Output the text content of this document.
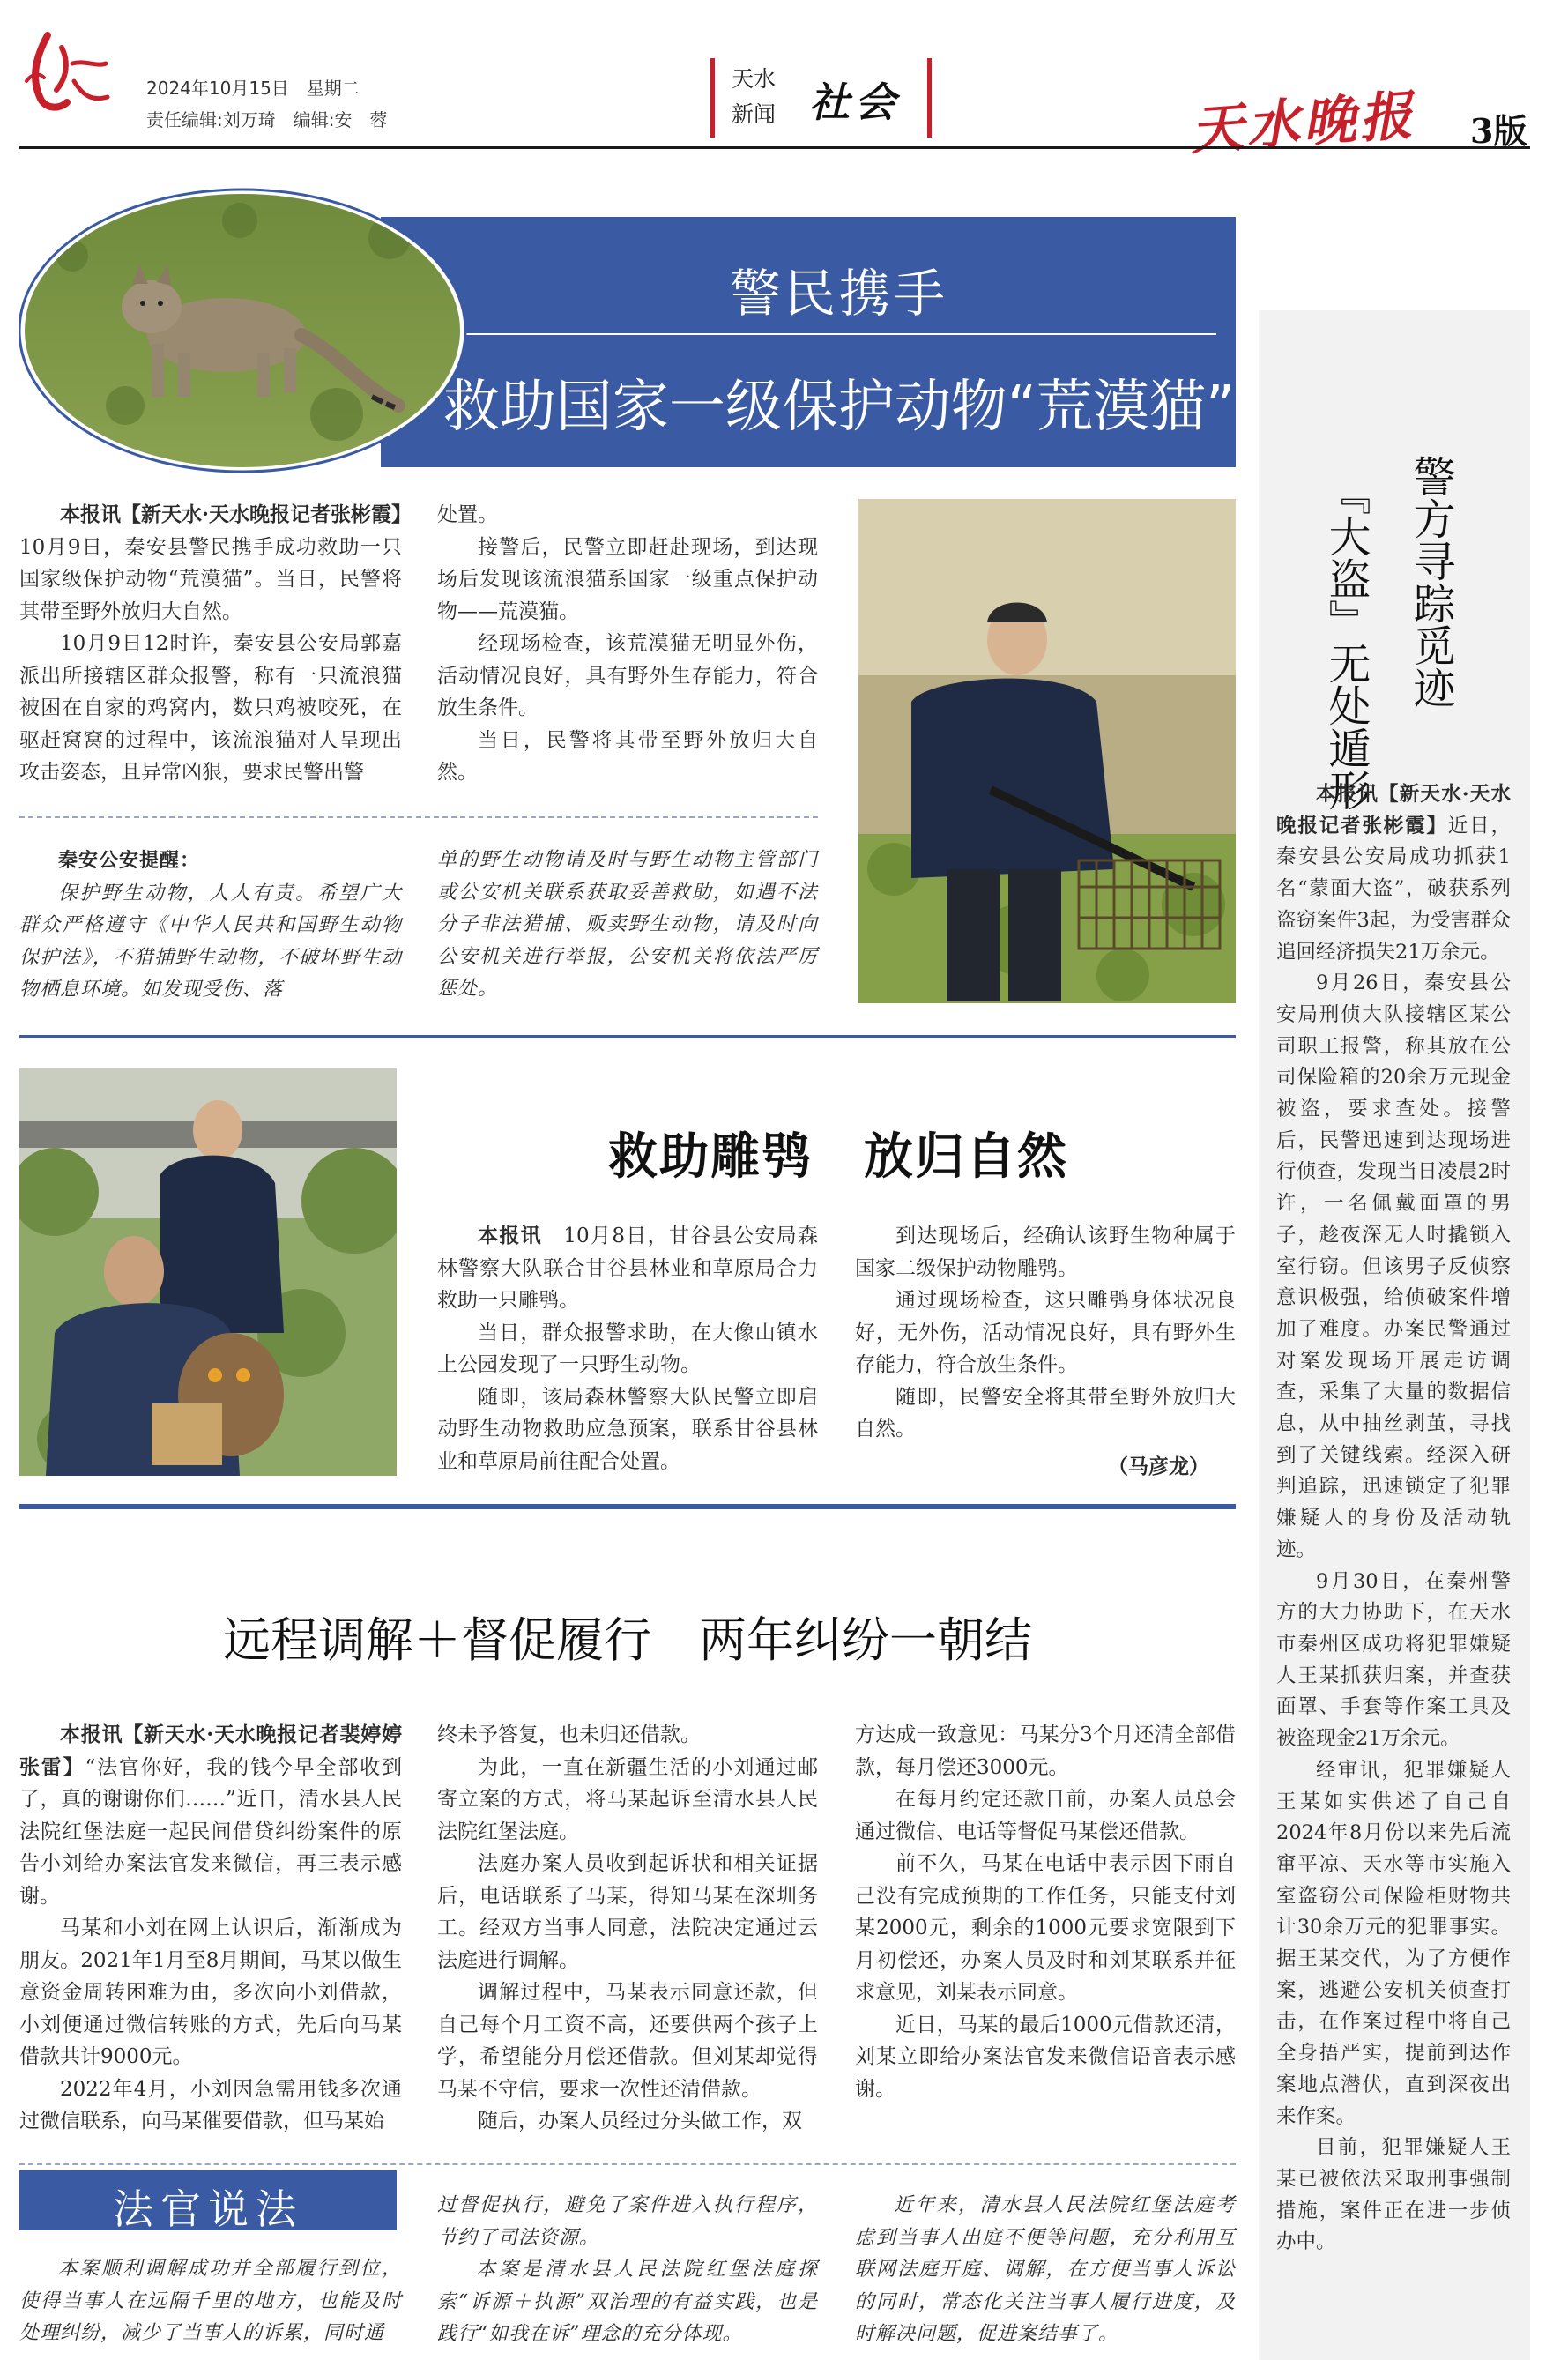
2024年10月15日　星期二
责任编辑:刘万琦　编辑:安　蓉
天水
新闻 社会	天水晚报 3版
警民携手
救助国家一级保护动物“荒漠猫”

本报讯【新天水·天水晚报记者张彬霞】10月9日，秦安县警民携手成功救助一只国家级保护动物“荒漠猫”。当日，民警将其带至野外放归大自然。

10月9日12时许，秦安县公安局郭嘉派出所接辖区群众报警，称有一只流浪猫被困在自家的鸡窝内，数只鸡被咬死，在驱赶窝窝的过程中，该流浪猫对人呈现出攻击姿态，且异常凶狠，要求民警出警

处置。

接警后，民警立即赶赴现场，到达现场后发现该流浪猫系国家一级重点保护动物——荒漠猫。

经现场检查，该荒漠猫无明显外伤，活动情况良好，具有野外生存能力，符合放生条件。

当日，民警将其带至野外放归大自然。

秦安公安提醒：

保护野生动物，人人有责。希望广大群众严格遵守《中华人民共和国野生动物保护法》，不猎捕野生动物，不破坏野生动物栖息环境。如发现受伤、落

单的野生动物请及时与野生动物主管部门或公安机关联系获取妥善救助，如遇不法分子非法猎捕、贩卖野生动物，请及时向公安机关进行举报，公安机关将依法严厉惩处。

救助雕鸮　放归自然

本报讯　 10月8日，甘谷县公安局森林警察大队联合甘谷县林业和草原局合力救助一只雕鸮。

当日，群众报警求助，在大像山镇水上公园发现了一只野生动物。

随即，该局森林警察大队民警立即启动野生动物救助应急预案，联系甘谷县林业和草原局前往配合处置。

到达现场后，经确认该野生物种属于国家二级保护动物雕鸮。

通过现场检查，这只雕鸮身体状况良好，无外伤，活动情况良好，具有野外生存能力，符合放生条件。

随即，民警安全将其带至野外放归大自然。

（马彦龙）
远程调解＋督促履行　两年纠纷一朝结

本报讯【新天水·天水晚报记者裴婷婷　张雷】“法官你好，我的钱今早全部收到了，真的谢谢你们……”近日，清水县人民法院红堡法庭一起民间借贷纠纷案件的原告小刘给办案法官发来微信，再三表示感谢。

马某和小刘在网上认识后，渐渐成为朋友。2021年1月至8月期间，马某以做生意资金周转困难为由，多次向小刘借款，小刘便通过微信转账的方式，先后向马某借款共计9000元。

2022年4月，小刘因急需用钱多次通过微信联系，向马某催要借款，但马某始

终未予答复，也未归还借款。

为此，一直在新疆生活的小刘通过邮寄立案的方式，将马某起诉至清水县人民法院红堡法庭。

法庭办案人员收到起诉状和相关证据后，电话联系了马某，得知马某在深圳务工。经双方当事人同意，法院决定通过云法庭进行调解。

调解过程中，马某表示同意还款，但自己每个月工资不高，还要供两个孩子上学，希望能分月偿还借款。但刘某却觉得马某不守信，要求一次性还清借款。

随后，办案人员经过分头做工作，双

方达成一致意见：马某分3个月还清全部借款，每月偿还3000元。

在每月约定还款日前，办案人员总会通过微信、电话等督促马某偿还借款。

前不久，马某在电话中表示因下雨自己没有完成预期的工作任务，只能支付刘某2000元，剩余的1000元要求宽限到下月初偿还，办案人员及时和刘某联系并征求意见，刘某表示同意。

近日，马某的最后1000元借款还清，刘某立即给办案法官发来微信语音表示感谢。

法官说法

本案顺利调解成功并全部履行到位，使得当事人在远隔千里的地方，也能及时处理纠纷，减少了当事人的诉累，同时通

过督促执行，避免了案件进入执行程序，节约了司法资源。

本案是清水县人民法院红堡法庭探索“诉源＋执源”双治理的有益实践，也是践行“如我在诉”理念的充分体现。

近年来，清水县人民法院红堡法庭考虑到当事人出庭不便等问题，充分利用互联网法庭开庭、调解，在方便当事人诉讼的同时，常态化关注当事人履行进度，及时解决问题，促进案结事了。

警方寻踪觅迹
『大盗』无处遁形

本报讯【新天水·天水晚报记者张彬霞】近日，秦安县公安局成功抓获1名“蒙面大盗”，破获系列盗窃案件3起，为受害群众追回经济损失21万余元。

9月26日，秦安县公安局刑侦大队接辖区某公司职工报警，称其放在公司保险箱的20余万元现金被盗，要求查处。接警后，民警迅速到达现场进行侦查，发现当日凌晨2时许，一名佩戴面罩的男子，趁夜深无人时撬锁入室行窃。但该男子反侦察意识极强，给侦破案件增加了难度。办案民警通过对案发现场开展走访调查，采集了大量的数据信息，从中抽丝剥茧，寻找到了关键线索。经深入研判追踪，迅速锁定了犯罪嫌疑人的身份及活动轨迹。

9月30日，在秦州警方的大力协助下，在天水市秦州区成功将犯罪嫌疑人王某抓获归案，并查获面罩、手套等作案工具及被盗现金21万余元。

经审讯，犯罪嫌疑人王某如实供述了自己自2024年8月份以来先后流窜平凉、天水等市实施入室盗窃公司保险柜财物共计30余万元的犯罪事实。据王某交代，为了方便作案，逃避公安机关侦查打击，在作案过程中将自己全身捂严实，提前到达作案地点潜伏，直到深夜出来作案。

目前，犯罪嫌疑人王某已被依法采取刑事强制措施，案件正在进一步侦办中。
